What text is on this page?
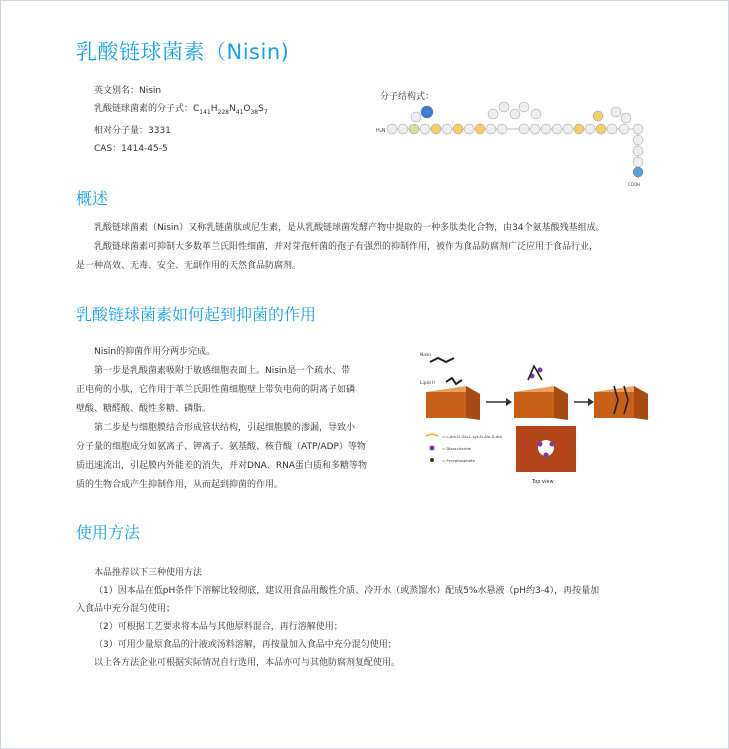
乳酸链球菌素（Nisin)
英文别名：Nisin
乳酸链球菌素的分子式：$C_{141}H_{228}N_{41}O_{38}S_7$
相对分子量：3331
CAS：1414-45-5
分子结构式：
H₂N
COOH
概述
乳酸链球菌素（Nisin）又称乳链菌肽或尼生素，是从乳酸链球菌发酵产物中提取的一种多肽类化合物，由34个氨基酸残基组成。
乳酸链球菌素可抑制大多数革兰氏阳性细菌，并对芽孢杆菌的孢子有强烈的抑制作用，被作为食品防腐剂广泛应用于食品行业，
是一种高效、无毒、安全、无副作用的天然食品防腐剂。
乳酸链球菌素如何起到抑菌的作用
Nisin的抑菌作用分两步完成。
第一步是乳酸菌素吸附于敏感细胞表面上。Nisin是一个疏水、带
正电荷的小肽，它作用于革兰氏阳性菌细胞壁上带负电荷的阴离子如磷
壁酸、糖醛酸、酸性多糖、磷脂。
第二步是与细胞膜结合形成管状结构，引起细胞膜的渗漏，导致小
分子量的细胞成分如氨离子、钾离子、氨基酸、核苷酸（ATP/ADP）等物
质迅速流出，引起膜内外能差的消失，并对DNA、RNA蛋白质和多糖等物
质的生物合成产生抑制作用，从而起到抑菌的作用。
Nisin
Lipid II
Top view
= L-Ala-D-Glu-L-Lys-D-Ala-D-Ala
= Disaccharide
= Pyrophosphate
使用方法
本品推荐以下三种使用方法
（1）因本品在低pH条件下溶解比较彻底，建议用食品用酸性介质、冷开水（或蒸馏水）配成5%水悬液（pH约3-4），再按量加
入食品中充分混匀使用；
（2）可根据工艺要求将本品与其他原料混合，再行溶解使用；
（3）可用少量原食品的汁液或汤料溶解，再按量加入食品中充分混匀使用；
以上各方法企业可根据实际情况自行选用，本品亦可与其他防腐剂复配使用。
